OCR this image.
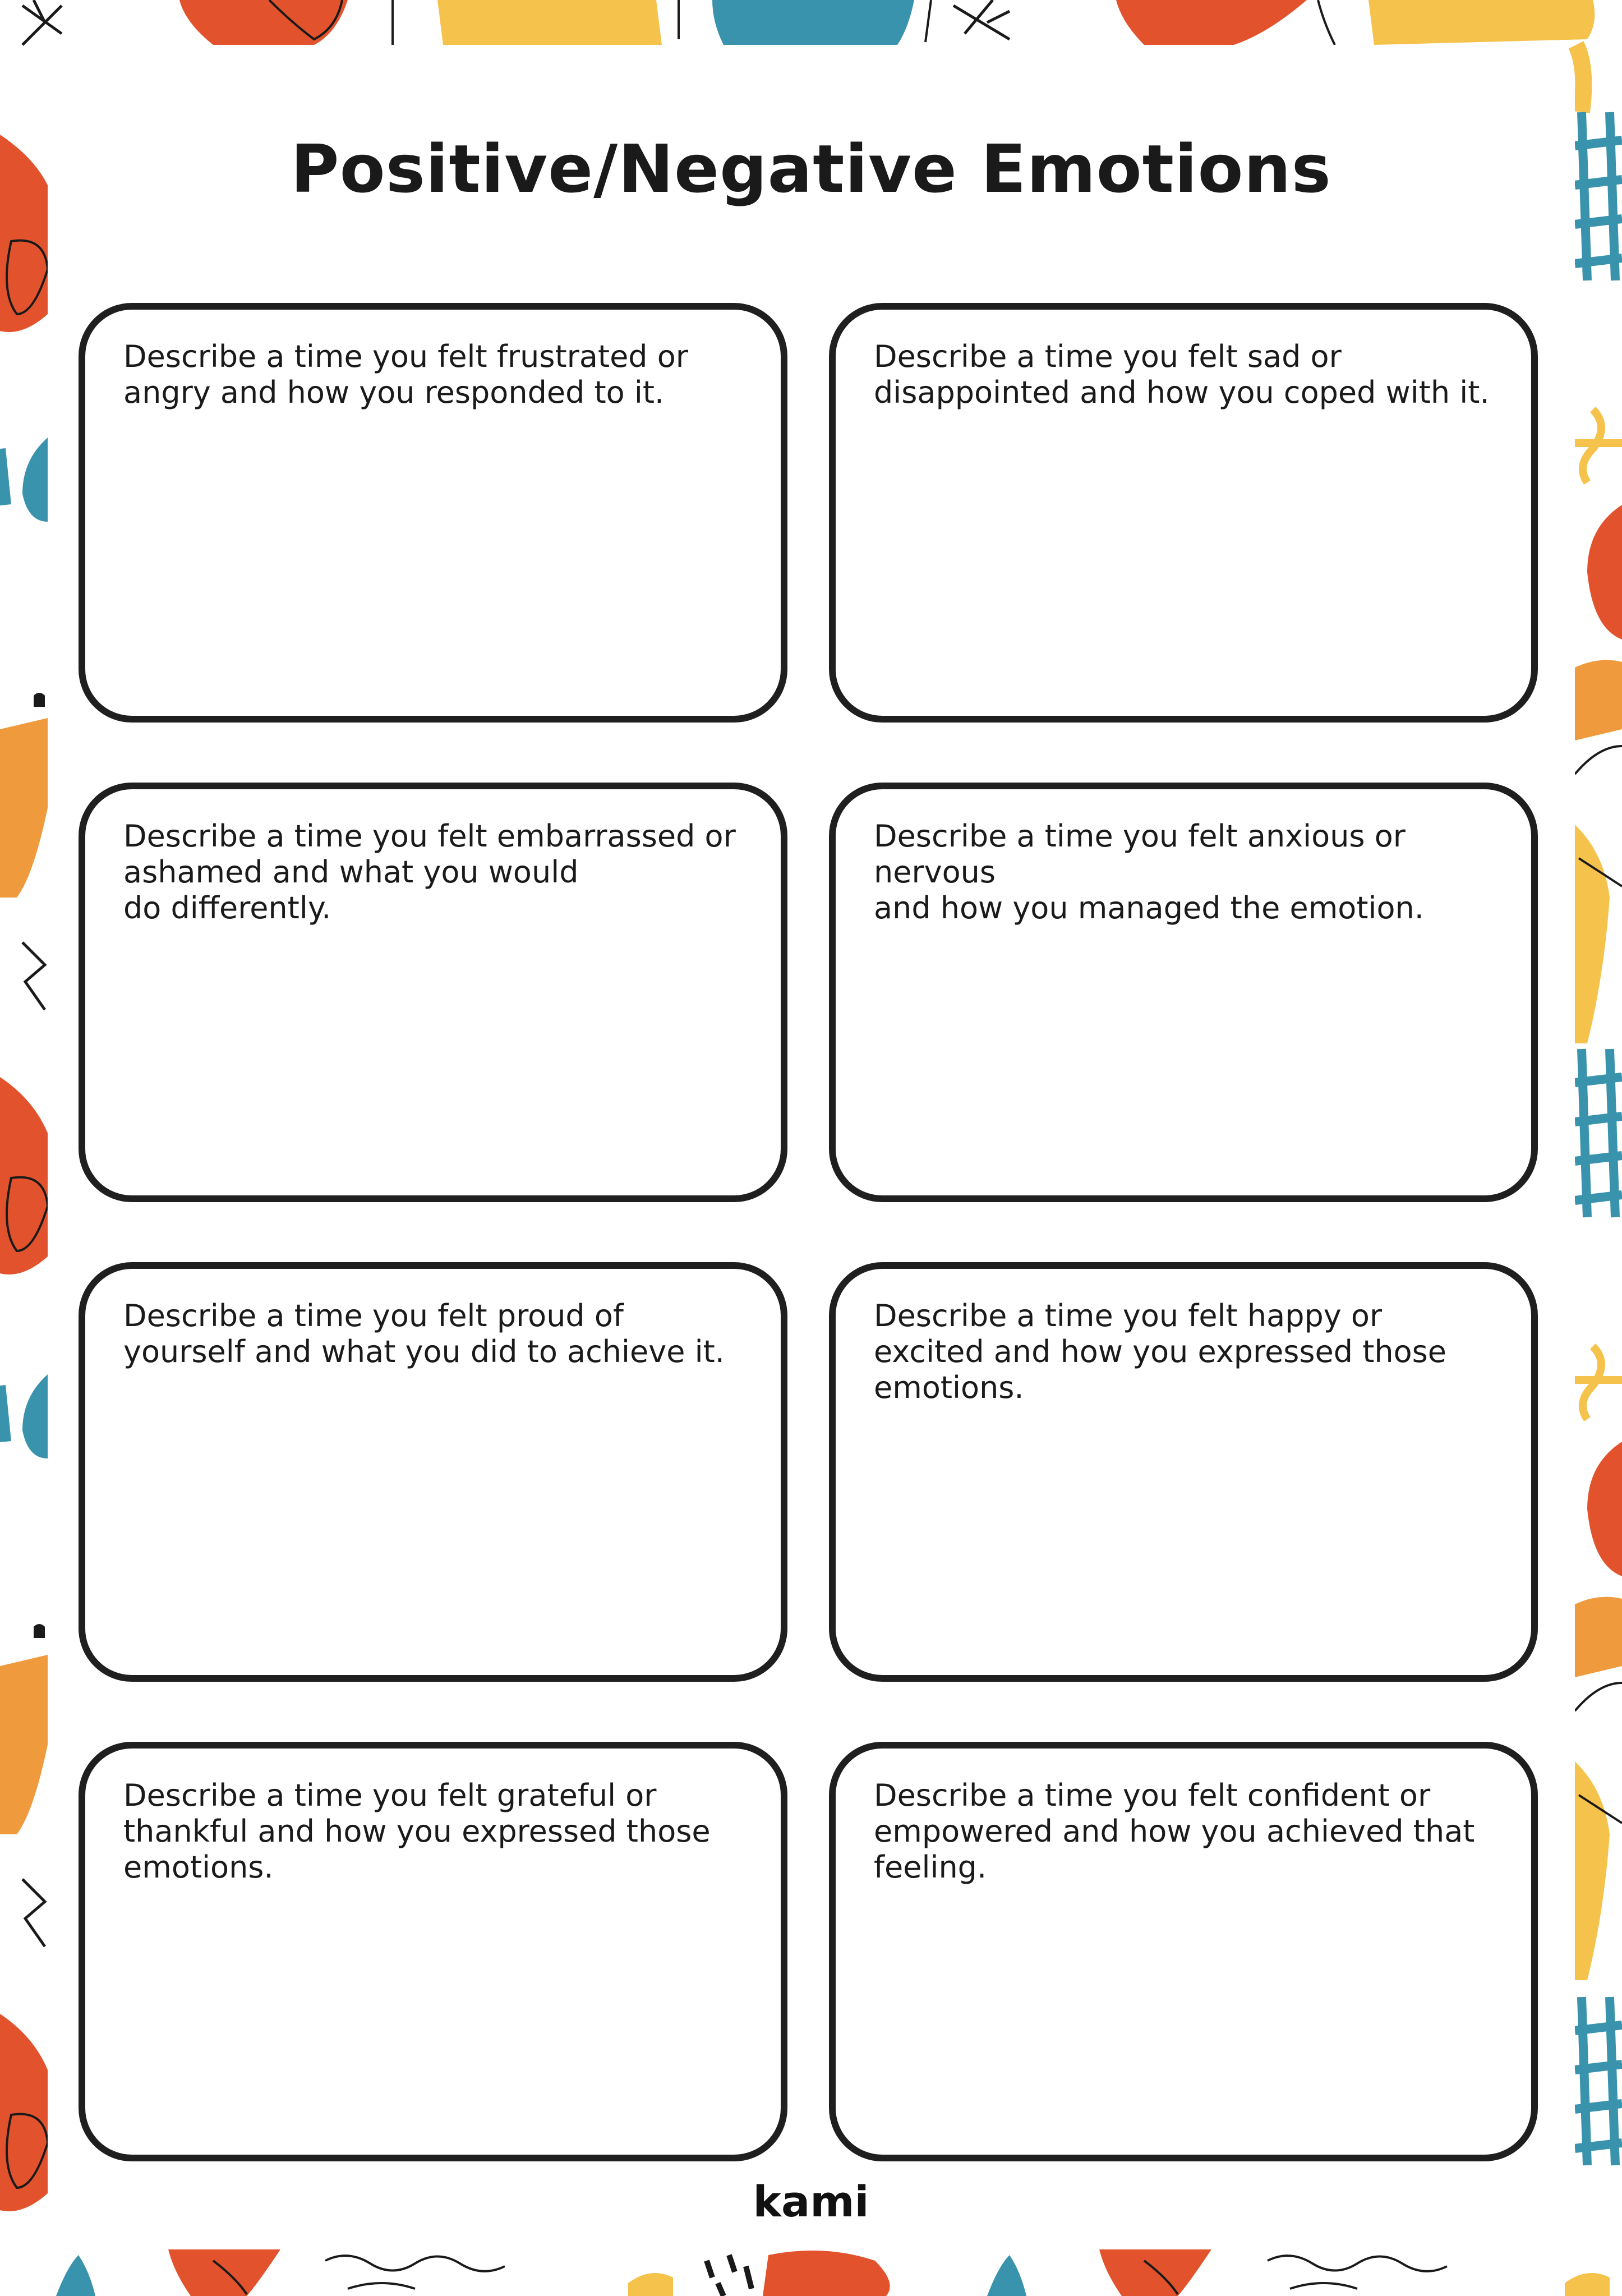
Positive/Negative Emotions
Describe a time you felt frustrated or
angry and how you responded to it.
Describe a time you felt sad or
disappointed and how you coped with it.
Describe a time you felt embarrassed or
ashamed and what you would
do differently.
Describe a time you felt anxious or nervous
and how you managed the emotion.
Describe a time you felt proud of
yourself and what you did to achieve it.
Describe a time you felt happy or
excited and how you expressed those
emotions.
Describe a time you felt grateful or
thankful and how you expressed those
emotions.
Describe a time you felt confident or
empowered and how you achieved that
feeling.
kami
